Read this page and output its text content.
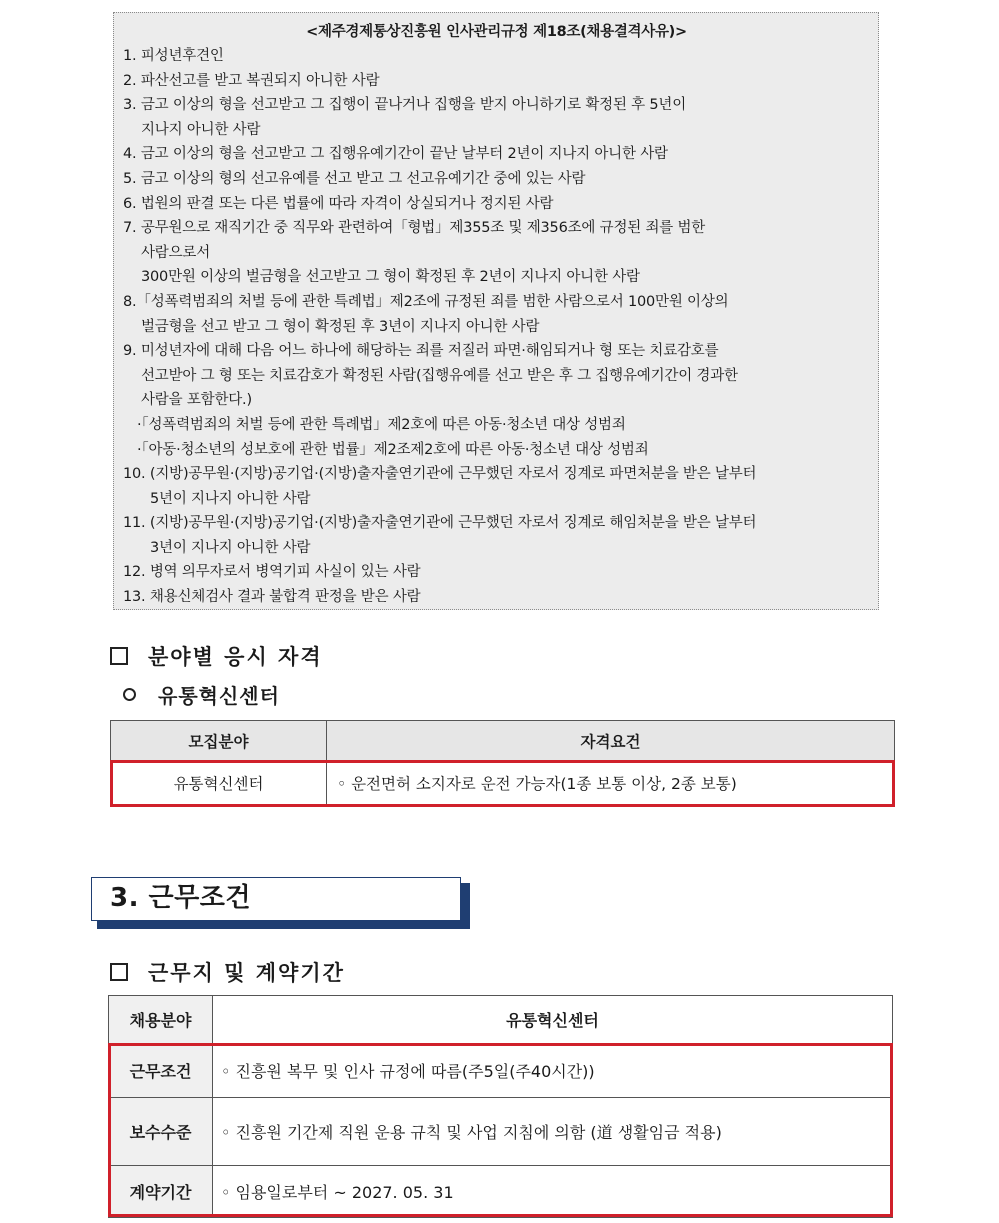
<제주경제통상진흥원 인사관리규정 제18조(채용결격사유)>
1. 피성년후견인
2. 파산선고를 받고 복권되지 아니한 사람
3. 금고 이상의 형을 선고받고 그 집행이 끝나거나 집행을 받지 아니하기로 확정된 후 5년이
지나지 아니한 사람
4. 금고 이상의 형을 선고받고 그 집행유예기간이 끝난 날부터 2년이 지나지 아니한 사람
5. 금고 이상의 형의 선고유예를 선고 받고 그 선고유예기간 중에 있는 사람
6. 법원의 판결 또는 다른 법률에 따라 자격이 상실되거나 정지된 사람
7. 공무원으로 재직기간 중 직무와 관련하여「형법」제355조 및 제356조에 규정된 죄를 범한
사람으로서
300만원 이상의 벌금형을 선고받고 그 형이 확정된 후 2년이 지나지 아니한 사람
8.「성폭력범죄의 처벌 등에 관한 특례법」제2조에 규정된 죄를 범한 사람으로서 100만원 이상의
벌금형을 선고 받고 그 형이 확정된 후 3년이 지나지 아니한 사람
9. 미성년자에 대해 다음 어느 하나에 해당하는 죄를 저질러 파면·해임되거나 형 또는 치료감호를
선고받아 그 형 또는 치료감호가 확정된 사람(집행유예를 선고 받은 후 그 집행유예기간이 경과한
사람을 포함한다.)
·「성폭력범죄의 처벌 등에 관한 특례법」제2호에 따른 아동·청소년 대상 성범죄
·「아동·청소년의 성보호에 관한 법률」제2조제2호에 따른 아동·청소년 대상 성범죄
10. (지방)공무원·(지방)공기업·(지방)출자출연기관에 근무했던 자로서 징계로 파면처분을 받은 날부터
5년이 지나지 아니한 사람
11. (지방)공무원·(지방)공기업·(지방)출자출연기관에 근무했던 자로서 징계로 해임처분을 받은 날부터
3년이 지나지 아니한 사람
12. 병역 의무자로서 병역기피 사실이 있는 사람
13. 채용신체검사 결과 불합격 판정을 받은 사람
분야별 응시 자격
유통혁신센터
모집분야	자격요건
유통혁신센터	◦ 운전면허 소지자로 운전 가능자(1종 보통 이상, 2종 보통)
3. 근무조건
근무지 및 계약기간
채용분야	유통혁신센터
근무조건	◦ 진흥원 복무 및 인사 규정에 따름(주5일(주40시간))
보수수준	◦ 진흥원 기간제 직원 운용 규칙 및 사업 지침에 의함 (道 생활임금 적용)
계약기간	◦ 임용일로부터 ~ 2027. 05. 31
